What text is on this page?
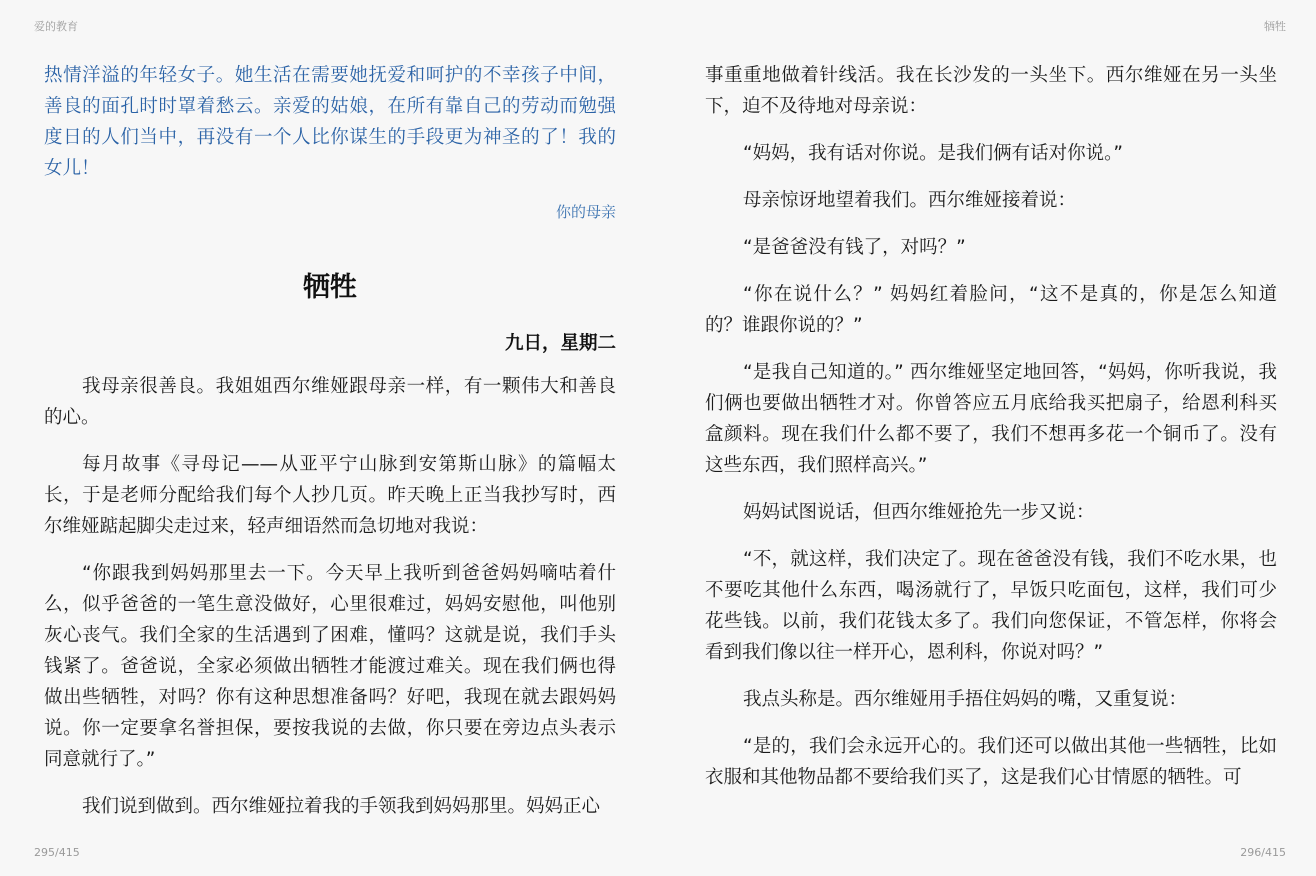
爱的教育	牺牲

热情洋溢的年轻女子。她生活在需要她抚爱和呵护的不幸孩子中间，善良的面孔时时罩着愁云。亲爱的姑娘，在所有靠自己的劳动而勉强度日的人们当中，再没有一个人比你谋生的手段更为神圣的了！我的女儿！

你的母亲

牺牲
九日，星期二

我母亲很善良。我姐姐西尔维娅跟母亲一样，有一颗伟大和善良的心。

每月故事《寻母记——从亚平宁山脉到安第斯山脉》的篇幅太长，于是老师分配给我们每个人抄几页。昨天晚上正当我抄写时，西尔维娅踮起脚尖走过来，轻声细语然而急切地对我说：

“你跟我到妈妈那里去一下。今天早上我听到爸爸妈妈嘀咕着什么，似乎爸爸的一笔生意没做好，心里很难过，妈妈安慰他，叫他别灰心丧气。我们全家的生活遇到了困难，懂吗？这就是说，我们手头钱紧了。爸爸说，全家必须做出牺牲才能渡过难关。现在我们俩也得做出些牺牲，对吗？你有这种思想准备吗？好吧，我现在就去跟妈妈说。你一定要拿名誉担保，要按我说的去做，你只要在旁边点头表示同意就行了。”

我们说到做到。西尔维娅拉着我的手领我到妈妈那里。妈妈正心

事重重地做着针线活。我在长沙发的一头坐下。西尔维娅在另一头坐下，迫不及待地对母亲说：

“妈妈，我有话对你说。是我们俩有话对你说。”

母亲惊讶地望着我们。西尔维娅接着说：

“是爸爸没有钱了，对吗？”

“你在说什么？” 妈妈红着脸问，“这不是真的，你是怎么知道的？谁跟你说的？”

“是我自己知道的。” 西尔维娅坚定地回答，“妈妈，你听我说，我们俩也要做出牺牲才对。你曾答应五月底给我买把扇子，给恩利科买盒颜料。现在我们什么都不要了，我们不想再多花一个铜币了。没有这些东西，我们照样高兴。”

妈妈试图说话，但西尔维娅抢先一步又说：

“不，就这样，我们决定了。现在爸爸没有钱，我们不吃水果，也不要吃其他什么东西，喝汤就行了，早饭只吃面包，这样，我们可少花些钱。以前，我们花钱太多了。我们向您保证，不管怎样，你将会看到我们像以往一样开心，恩利科，你说对吗？”

我点头称是。西尔维娅用手捂住妈妈的嘴，又重复说：

“是的，我们会永远开心的。我们还可以做出其他一些牺牲，比如衣服和其他物品都不要给我们买了，这是我们心甘情愿的牺牲。可

295/415	296/415
